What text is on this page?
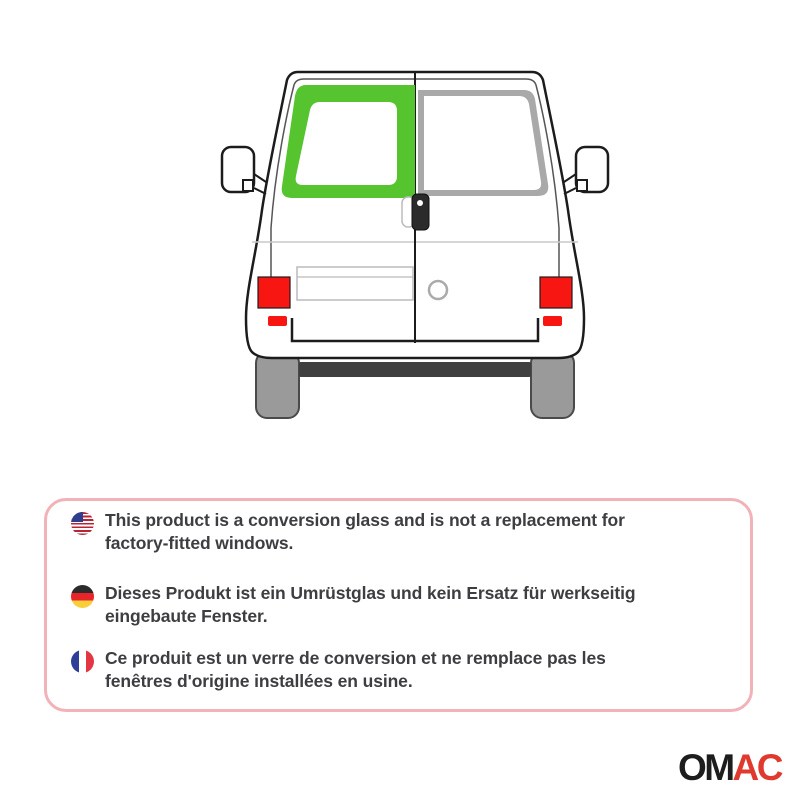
This product is a conversion glass and is not a replacement for
factory-fitted windows.
Dieses Produkt ist ein Umrüstglas und kein Ersatz für werkseitig
eingebaute Fenster.
Ce produit est un verre de conversion et ne remplace pas les
fenêtres d'origine installées en usine.
OMAC
